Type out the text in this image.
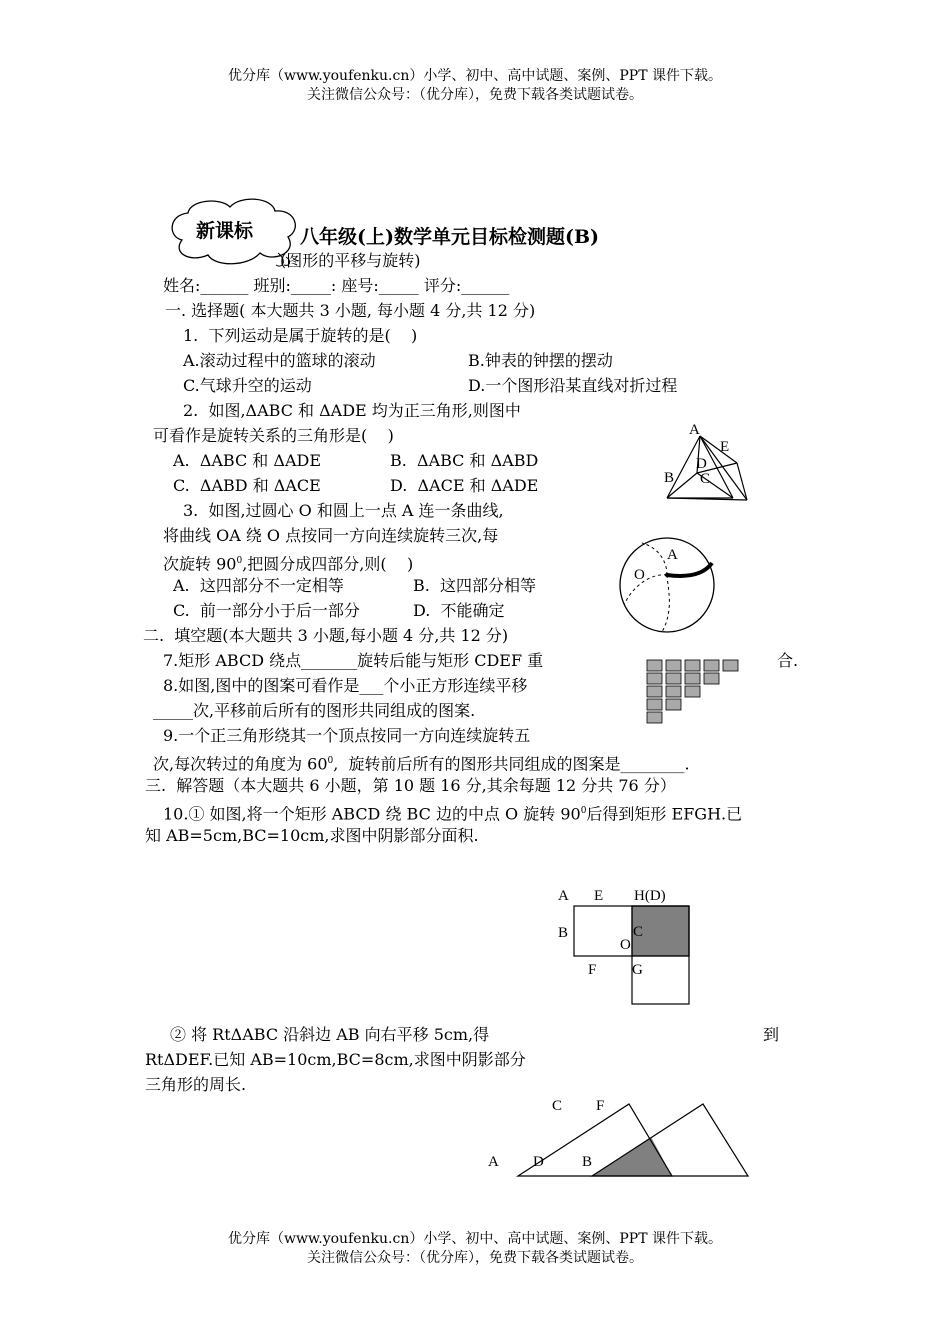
优分库（www.youfenku.cn）小学、初中、高中试题、案例、PPT 课件下载。
关注微信公众号：（优分库），免费下载各类试题试卷。
新课标 八年级(上)数学单元目标检测题(B)
(图形的平移与旋转)
姓名:______ 班别:_____: 座号:_____ 评分:______
一. 选择题( 本大题共 3 小题, 每小题 4 分,共 12 分)
1.  下列运动是属于旋转的是(    )
A.滚动过程中的篮球的滚动	B.钟表的钟摆的摆动
C.气球升空的运动	D.一个图形沿某直线对折过程
2.  如图,ΔABC 和 ΔADE 均为正三角形,则图中
可看作是旋转关系的三角形是(    )
A.  ΔABC 和 ΔADE	B.  ΔABC 和 ΔABD
C.  ΔABD 和 ΔACE	D.  ΔACE 和 ΔADE
A
E
D
B C
3.  如图,过圆心 O 和圆上一点 A 连一条曲线,
将曲线 OA 绕 O 点按同一方向连续旋转三次,每
次旋转 $90^0$,把圆分成四部分,则(    )
A.  这四部分不一定相等	B.  这四部分相等
C.  前一部分小于后一部分	D.  不能确定
O
A
二.  填空题(本大题共 3 小题,每小题 4 分,共 12 分)
7.矩形 ABCD 绕点_______旋转后能与矩形 CDEF 重	合.
8.如图,图中的图案可看作是___个小正方形连续平移
_____次,平移前后所有的图形共同组成的图案.
9.一个正三角形绕其一个顶点按同一方向连续旋转五
次,每次转过的角度为 $60^0$,  旋转前后所有的图形共同组成的图案是________.
三.  解答题（本大题共 6 小题，第 10 题 16 分,其余每题 12 分共 76 分）
10.① 如图,将一个矩形 ABCD 绕 BC 边的中点 O 旋转 $90^0$后得到矩形 EFGH.已
知 AB=5cm,BC=10cm,求图中阴影部分面积.
A E H(D)
B
O
C
F G
② 将 RtΔABC 沿斜边 AB 向右平移 5cm,得	到
RtΔDEF.已知 AB=10cm,BC=8cm,求图中阴影部分
三角形的周长.
C F
A D	B
优分库（www.youfenku.cn）小学、初中、高中试题、案例、PPT 课件下载。
关注微信公众号：（优分库），免费下载各类试题试卷。
